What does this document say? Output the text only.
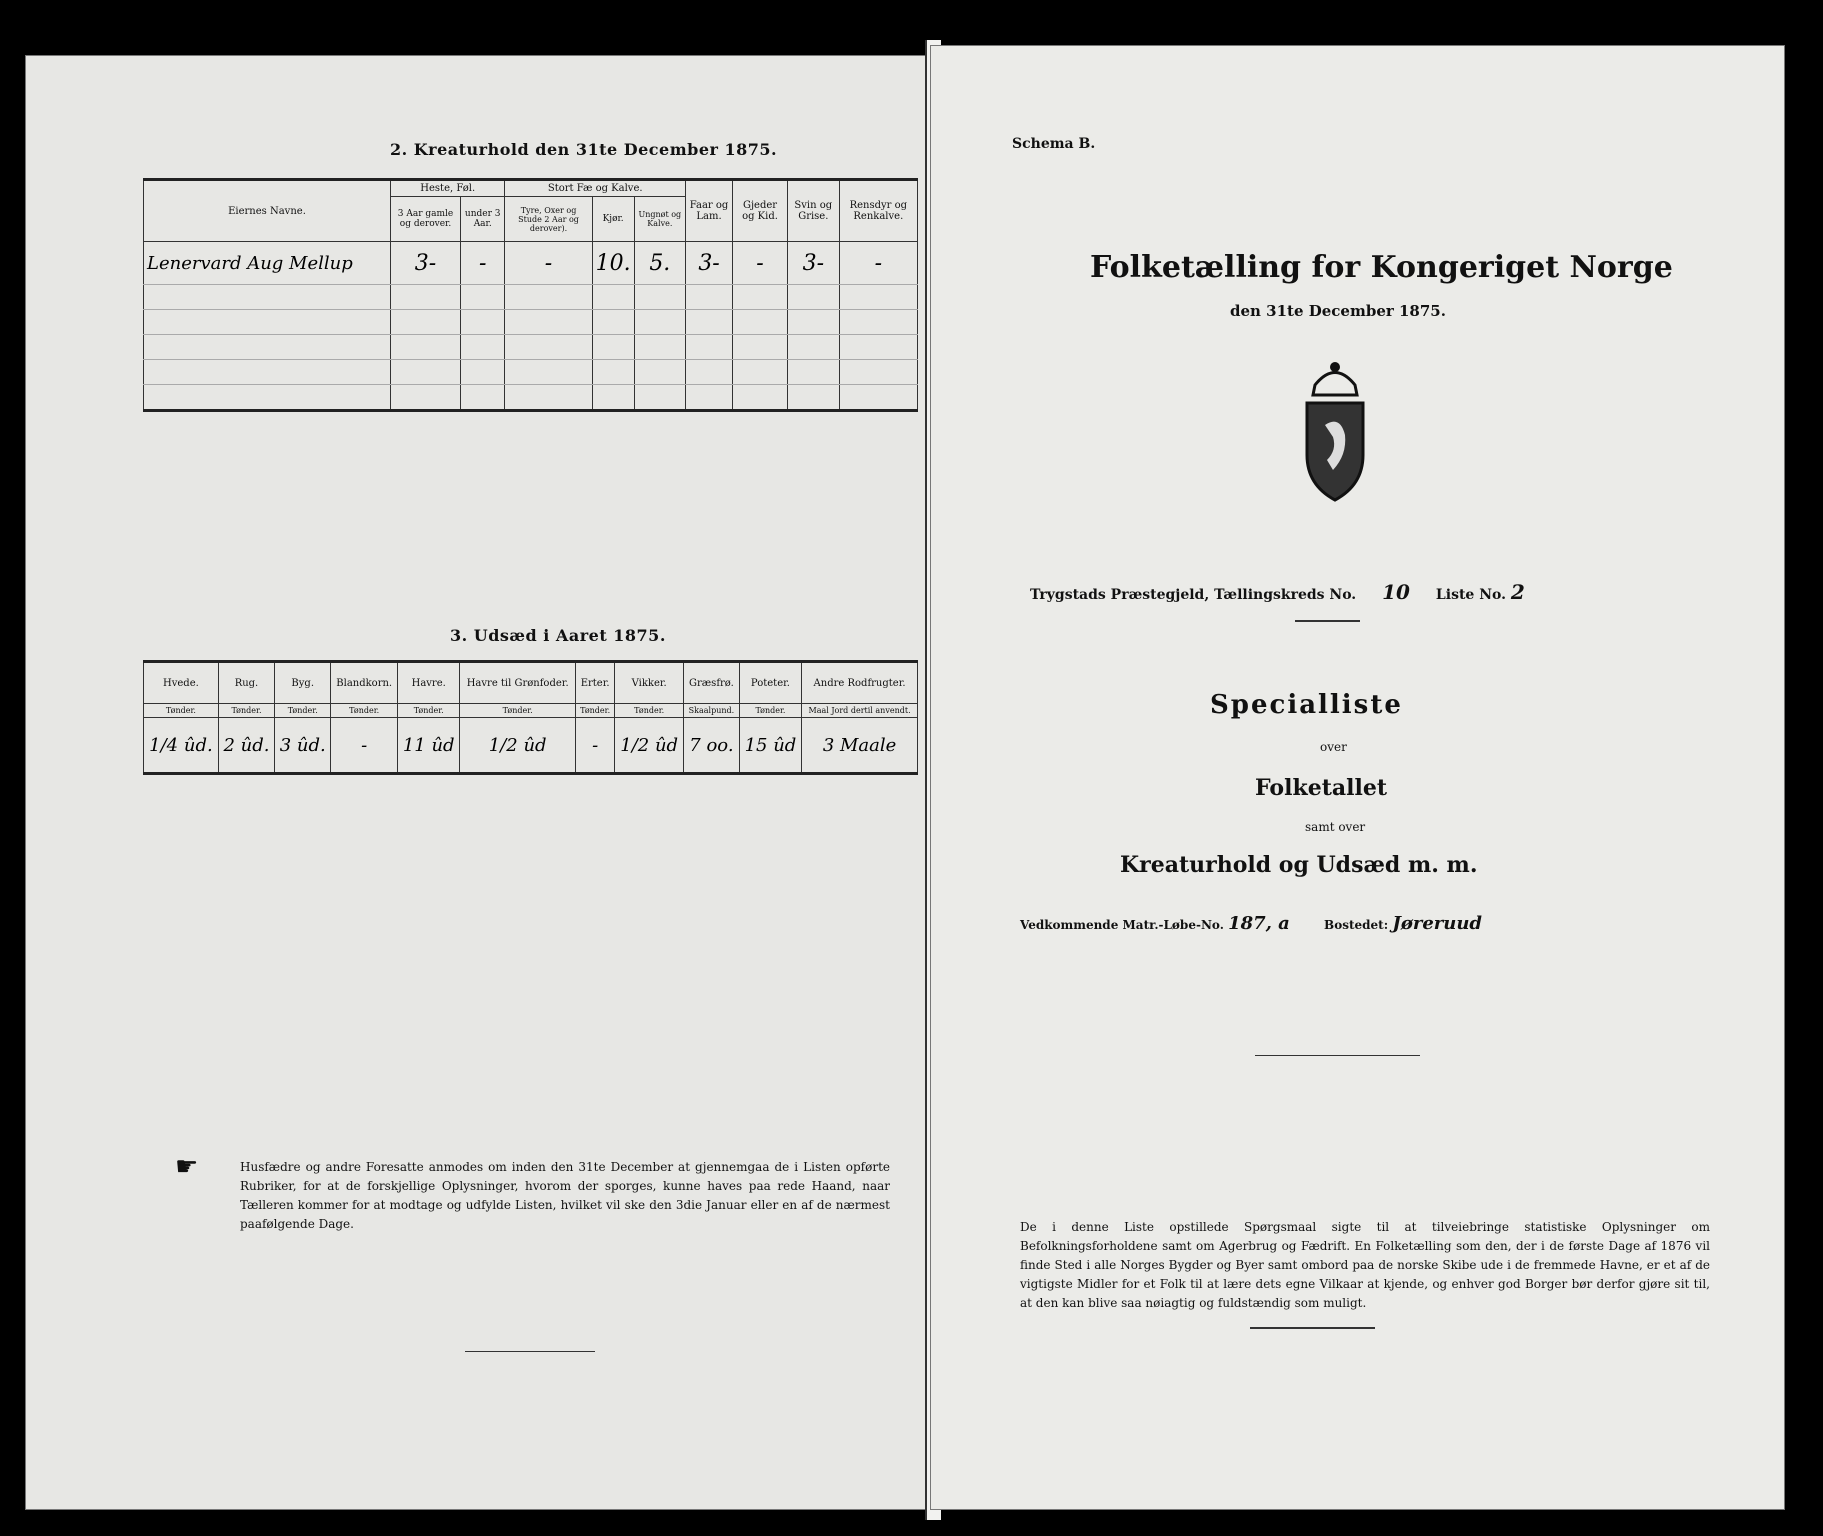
2. Kreaturhold den 31te December 1875.
Eiernes Navne.	Heste, Føl.		Stort Fæ og Kalve.			Faar og Lam.	Gjeder og Kid.	Svin og Grise.	Rensdyr og Renkalve.
	3 Aar gamle og derover.	under 3 Aar.	Tyre, Oxer og Stude 2 Aar og derover).	Kjør.	Ungnøt og Kalve.				
Lenervard Aug Mellup	3-	-	-	10.	5.	3-	-	3-	-

3. Udsæd i Aaret 1875.
Hvede.	Rug.	Byg.	Blandkorn.	Havre.	Havre til Grønfoder.	Erter.	Vikker.	Græsfrø.	Poteter.	Andre Rodfrugter.
Tønder.	Tønder.	Tønder.	Tønder.	Tønder.	Tønder.	Tønder.	Tønder.	Skaalpund.	Tønder.	Maal Jord dertil anvendt.
1/4 ûd.	2 ûd.	3 ûd.	-	11 ûd	1/2 ûd	-	1/2 ûd	7 oo.	15 ûd	3 Maale
☛	Husfædre og andre Foresatte anmodes om inden den 31te December at gjennemgaa de i Listen opførte Rubriker, for at de forskjellige Oplysninger, hvorom der sporges, kunne haves paa rede Haand, naar Tælleren kommer for at modtage og udfylde Listen, hvilket vil ske den 3die Januar eller en af de nærmest paafølgende Dage.
Schema B.
Folketælling for Kongeriget Norge
den 31te December 1875.
Trygstads Præstegjeld, Tællingskreds No. 10 Liste No. 2
Specialliste
over
Folketallet
samt over
Kreaturhold og Udsæd m. m.
Vedkommende Matr.-Løbe-No. 187, a	Bostedet: Jøreruud
De i denne Liste opstillede Spørgsmaal sigte til at tilveiebringe statistiske Oplysninger om Befolkningsforholdene samt om Agerbrug og Fædrift. En Folketælling som den, der i de første Dage af 1876 vil finde Sted i alle Norges Bygder og Byer samt ombord paa de norske Skibe ude i de fremmede Havne, er et af de vigtigste Midler for et Folk til at lære dets egne Vilkaar at kjende, og enhver god Borger bør derfor gjøre sit til, at den kan blive saa nøiagtig og fuldstændig som muligt.
